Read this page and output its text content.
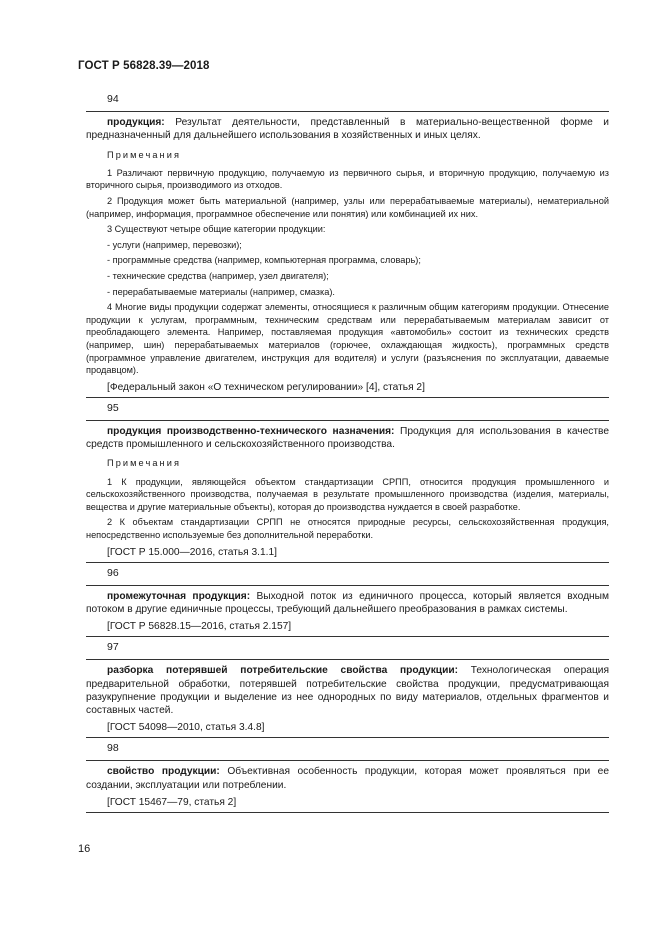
ГОСТ Р 56828.39—2018
94

продукция: Результат деятельности, представленный в материально-вещественной форме и предназначенный для дальнейшего использования в хозяйственных и иных целях.

Примечания

1 Различают первичную продукцию, получаемую из первичного сырья, и вторичную продукцию, получаемую из вторичного сырья, производимого из отходов.

2 Продукция может быть материальной (например, узлы или перерабатываемые материалы), нематериальной (например, информация, программное обеспечение или понятия) или комбинацией их них.

3 Существуют четыре общие категории продукции:

- услуги (например, перевозки);

- программные средства (например, компьютерная программа, словарь);

- технические средства (например, узел двигателя);

- перерабатываемые материалы (например, смазка).

4 Многие виды продукции содержат элементы, относящиеся к различным общим категориям продукции. Отнесение продукции к услугам, программным, техническим средствам или перерабатываемым материалам зависит от преобладающего элемента. Например, поставляемая продукция «автомобиль» состоит из технических средств (например, шин) перерабатываемых материалов (горючее, охлаждающая жидкость), программных средств (программное управление двигателем, инструкция для водителя) и услуги (разъяснения по эксплуатации, даваемые продавцом).

[Федеральный закон «О техническом регулировании» [4], статья 2]

95

продукция производственно-технического назначения: Продукция для использования в качестве средств промышленного и сельскохозяйственного производства.

Примечания

1 К продукции, являющейся объектом стандартизации СРПП, относится продукция промышленного и сельскохозяйственного производства, получаемая в результате промышленного производства (изделия, материалы, вещества и другие материальные объекты), которая до производства нуждается в своей разработке.

2 К объектам стандартизации СРПП не относятся природные ресурсы, сельскохозяйственная продукция, непосредственно используемые без дополнительной переработки.

[ГОСТ Р 15.000—2016, статья 3.1.1]

96

промежуточная продукция: Выходной поток из единичного процесса, который является входным потоком в другие единичные процессы, требующий дальнейшего преобразования в рамках системы.

[ГОСТ Р 56828.15—2016, статья 2.157]

97

разборка потерявшей потребительские свойства продукции: Технологическая операция предварительной обработки, потерявшей потребительские свойства продукции, предусматривающая разукрупнение продукции и выделение из нее однородных по виду материалов, отдельных фрагментов и составных частей.

[ГОСТ 54098—2010, статья 3.4.8]

98

свойство продукции: Объективная особенность продукции, которая может проявляться при ее создании, эксплуатации или потреблении.

[ГОСТ 15467—79, статья 2]

16
